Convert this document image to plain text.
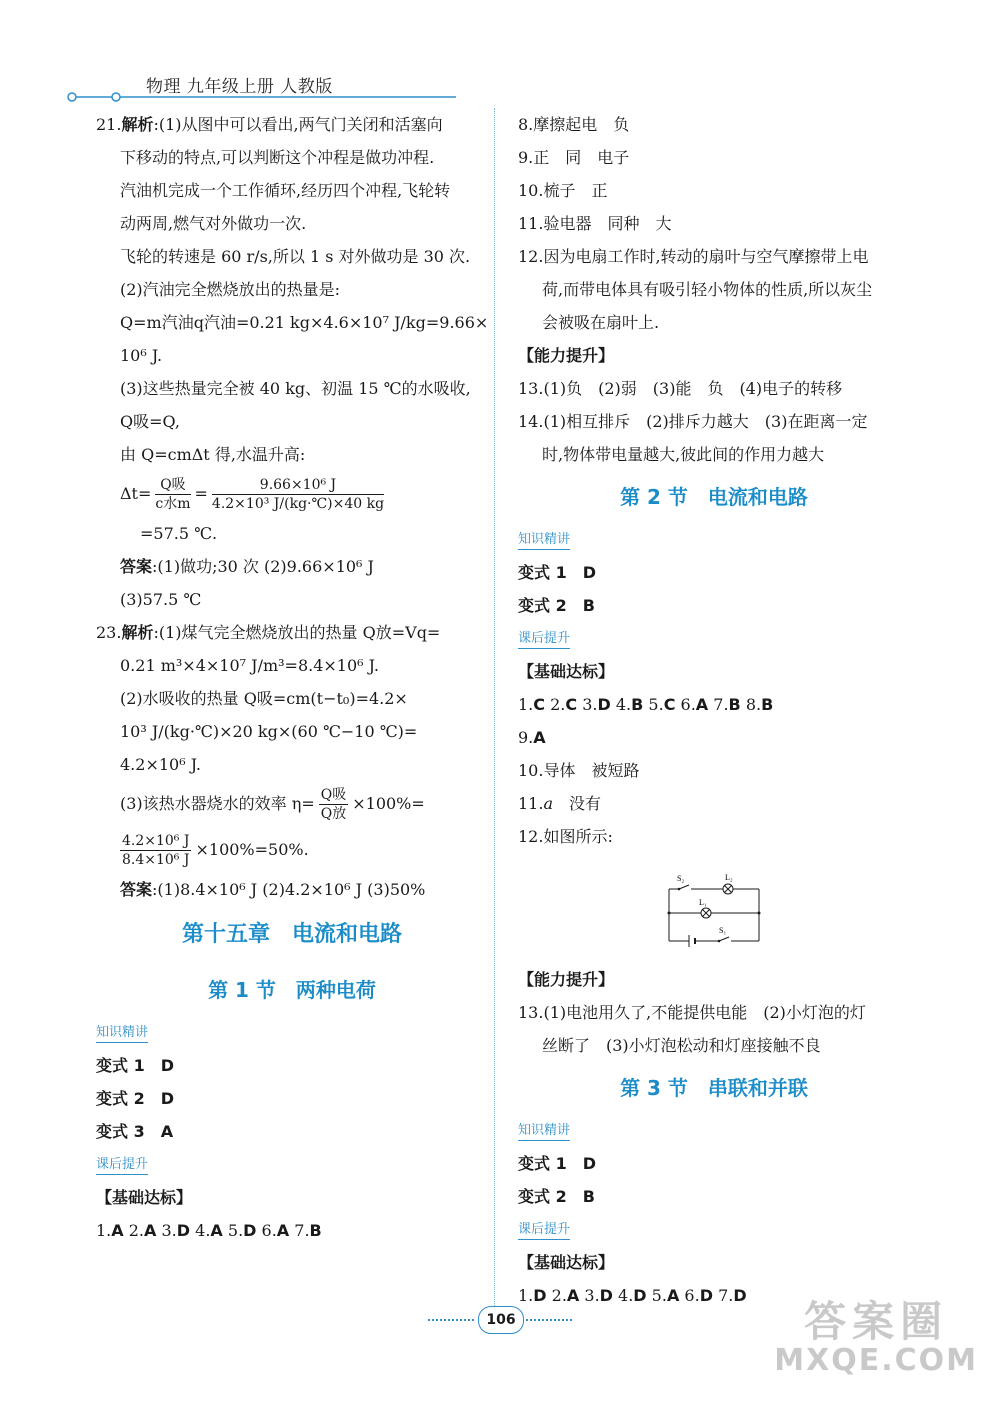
物理 九年级上册 人教版
21.解析:(1)从图中可以看出,两气门关闭和活塞向
下移动的特点,可以判断这个冲程是做功冲程.
汽油机完成一个工作循环,经历四个冲程,飞轮转
动两周,燃气对外做功一次.
飞轮的转速是 60 r/s,所以 1 s 对外做功是 30 次.
(2)汽油完全燃烧放出的热量是:
Q=m汽油q汽油=0.21 kg×4.6×10⁷ J/kg=9.66×
10⁶ J.
(3)这些热量完全被 40 kg、初温 15 ℃的水吸收,
Q吸=Q,
由 Q=cmΔt 得,水温升高:
$\Delta t= \frac{\text{Q吸}}{\text{c水m}} = \frac{\text{9.66×10⁶ J}}{\text{4.2×10³ J/(kg·℃)×40 kg}}$
=57.5 ℃.
答案:(1)做功;30 次 (2)9.66×10⁶ J
(3)57.5 ℃
23.解析:(1)煤气完全燃烧放出的热量 Q放=Vq=
0.21 m³×4×10⁷ J/m³=8.4×10⁶ J.
(2)水吸收的热量 Q吸=cm(t−t₀)=4.2×
10³ J/(kg·℃)×20 kg×(60 ℃−10 ℃)=
4.2×10⁶ J.
(3)该热水器烧水的效率 $\eta= \frac{\text{Q吸}}{\text{Q放}} \times 100\%=$
$\frac{\text{4.2×10⁶ J}}{\text{8.4×10⁶ J}} \times 100\%=50\%$.
答案:(1)8.4×10⁶ J (2)4.2×10⁶ J (3)50%
第十五章　电流和电路
第 1 节　两种电荷
知识精讲
变式 1　 D
变式 2　 D
变式 3　 A
课后提升
【基础达标】
1.A 2.A 3.D 4.A 5.D 6.A 7.B
8.摩擦起电　负
9.正　同　电子
10.梳子　正
11.验电器　同种　大
12.因为电扇工作时,转动的扇叶与空气摩擦带上电
荷,而带电体具有吸引轻小物体的性质,所以灰尘
会被吸在扇叶上.
【能力提升】
13.(1)负　(2)弱　(3)能　负　(4)电子的转移
14.(1)相互排斥　(2)排斥力越大　(3)在距离一定
时,物体带电量越大,彼此间的作用力越大
第 2 节　电流和电路
知识精讲
变式 1　 D
变式 2　 B
课后提升
【基础达标】
1.C 2.C 3.D 4.B 5.C 6.A 7.B 8.B
9.A
10.导体　被短路
11.a　没有
12.如图所示:
S₂	L₂
L₁
S₁
【能力提升】
13.(1)电池用久了,不能提供电能　(2)小灯泡的灯
丝断了　(3)小灯泡松动和灯座接触不良
第 3 节　串联和并联
知识精讲
变式 1　 D
变式 2　 B
课后提升
【基础达标】
1.D 2.A 3.D 4.D 5.A 6.D 7.D
106	答案圈
MXQE.COM
